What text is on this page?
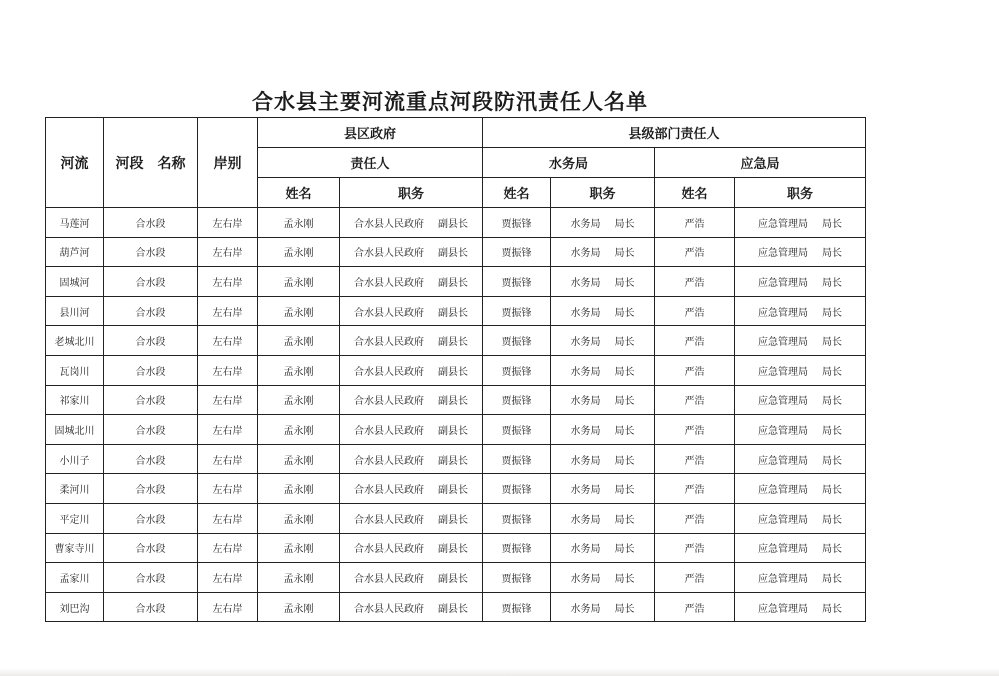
合水县主要河流重点河段防汛责任人名单
河流	河段 名称	岸别	县区政府		县级部门责任人			
			责任人		水务局		应急局	
			姓名	职务	姓名	职务	姓名	职务
马莲河	合水段	左右岸	孟永刚	合水县人民政府 副县长	贾振锋	水务局 局长	严浩	应急管理局 局长
葫芦河	合水段	左右岸	孟永刚	合水县人民政府 副县长	贾振锋	水务局 局长	严浩	应急管理局 局长
固城河	合水段	左右岸	孟永刚	合水县人民政府 副县长	贾振锋	水务局 局长	严浩	应急管理局 局长
县川河	合水段	左右岸	孟永刚	合水县人民政府 副县长	贾振锋	水务局 局长	严浩	应急管理局 局长
老城北川	合水段	左右岸	孟永刚	合水县人民政府 副县长	贾振锋	水务局 局长	严浩	应急管理局 局长
瓦岗川	合水段	左右岸	孟永刚	合水县人民政府 副县长	贾振锋	水务局 局长	严浩	应急管理局 局长
祁家川	合水段	左右岸	孟永刚	合水县人民政府 副县长	贾振锋	水务局 局长	严浩	应急管理局 局长
固城北川	合水段	左右岸	孟永刚	合水县人民政府 副县长	贾振锋	水务局 局长	严浩	应急管理局 局长
小川子	合水段	左右岸	孟永刚	合水县人民政府 副县长	贾振锋	水务局 局长	严浩	应急管理局 局长
柔河川	合水段	左右岸	孟永刚	合水县人民政府 副县长	贾振锋	水务局 局长	严浩	应急管理局 局长
平定川	合水段	左右岸	孟永刚	合水县人民政府 副县长	贾振锋	水务局 局长	严浩	应急管理局 局长
曹家寺川	合水段	左右岸	孟永刚	合水县人民政府 副县长	贾振锋	水务局 局长	严浩	应急管理局 局长
孟家川	合水段	左右岸	孟永刚	合水县人民政府 副县长	贾振锋	水务局 局长	严浩	应急管理局 局长
刘巴沟	合水段	左右岸	孟永刚	合水县人民政府 副县长	贾振锋	水务局 局长	严浩	应急管理局 局长
